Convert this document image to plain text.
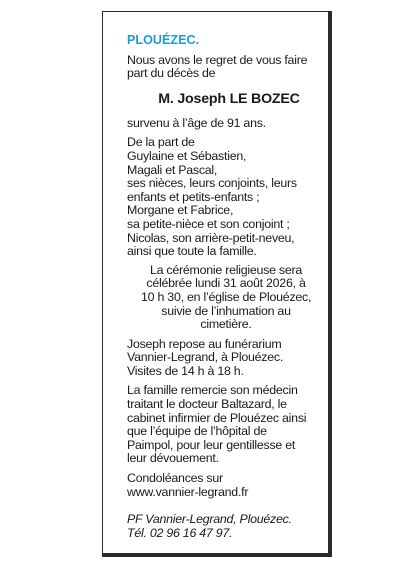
PLOUÉZEC.

Nous avons le regret de vous faire
part du décès de

M. Joseph LE BOZEC

survenu à l’âge de 91 ans.

De la part de
Guylaine et Sébastien,
Magali et Pascal,
ses nièces, leurs conjoints, leurs
enfants et petits-enfants ;
Morgane et Fabrice,
sa petite-nièce et son conjoint ;
Nicolas, son arrière-petit-neveu,
ainsi que toute la famille.

La cérémonie religieuse sera
célébrée lundi 31 août 2026, à
10 h 30, en l’église de Plouézec,
suivie de l’inhumation au
cimetière.

Joseph repose au funérarium
Vannier-Legrand, à Plouézec.
Visites de 14 h à 18 h.

La famille remercie son médecin
traitant le docteur Baltazard, le
cabinet infirmier de Plouézec ainsi
que l’équipe de l’hôpital de
Paimpol, pour leur gentillesse et
leur dévouement.

Condoléances sur
www.vannier-legrand.fr

PF Vannier-Legrand, Plouézec.
Tél. 02 96 16 47 97.
